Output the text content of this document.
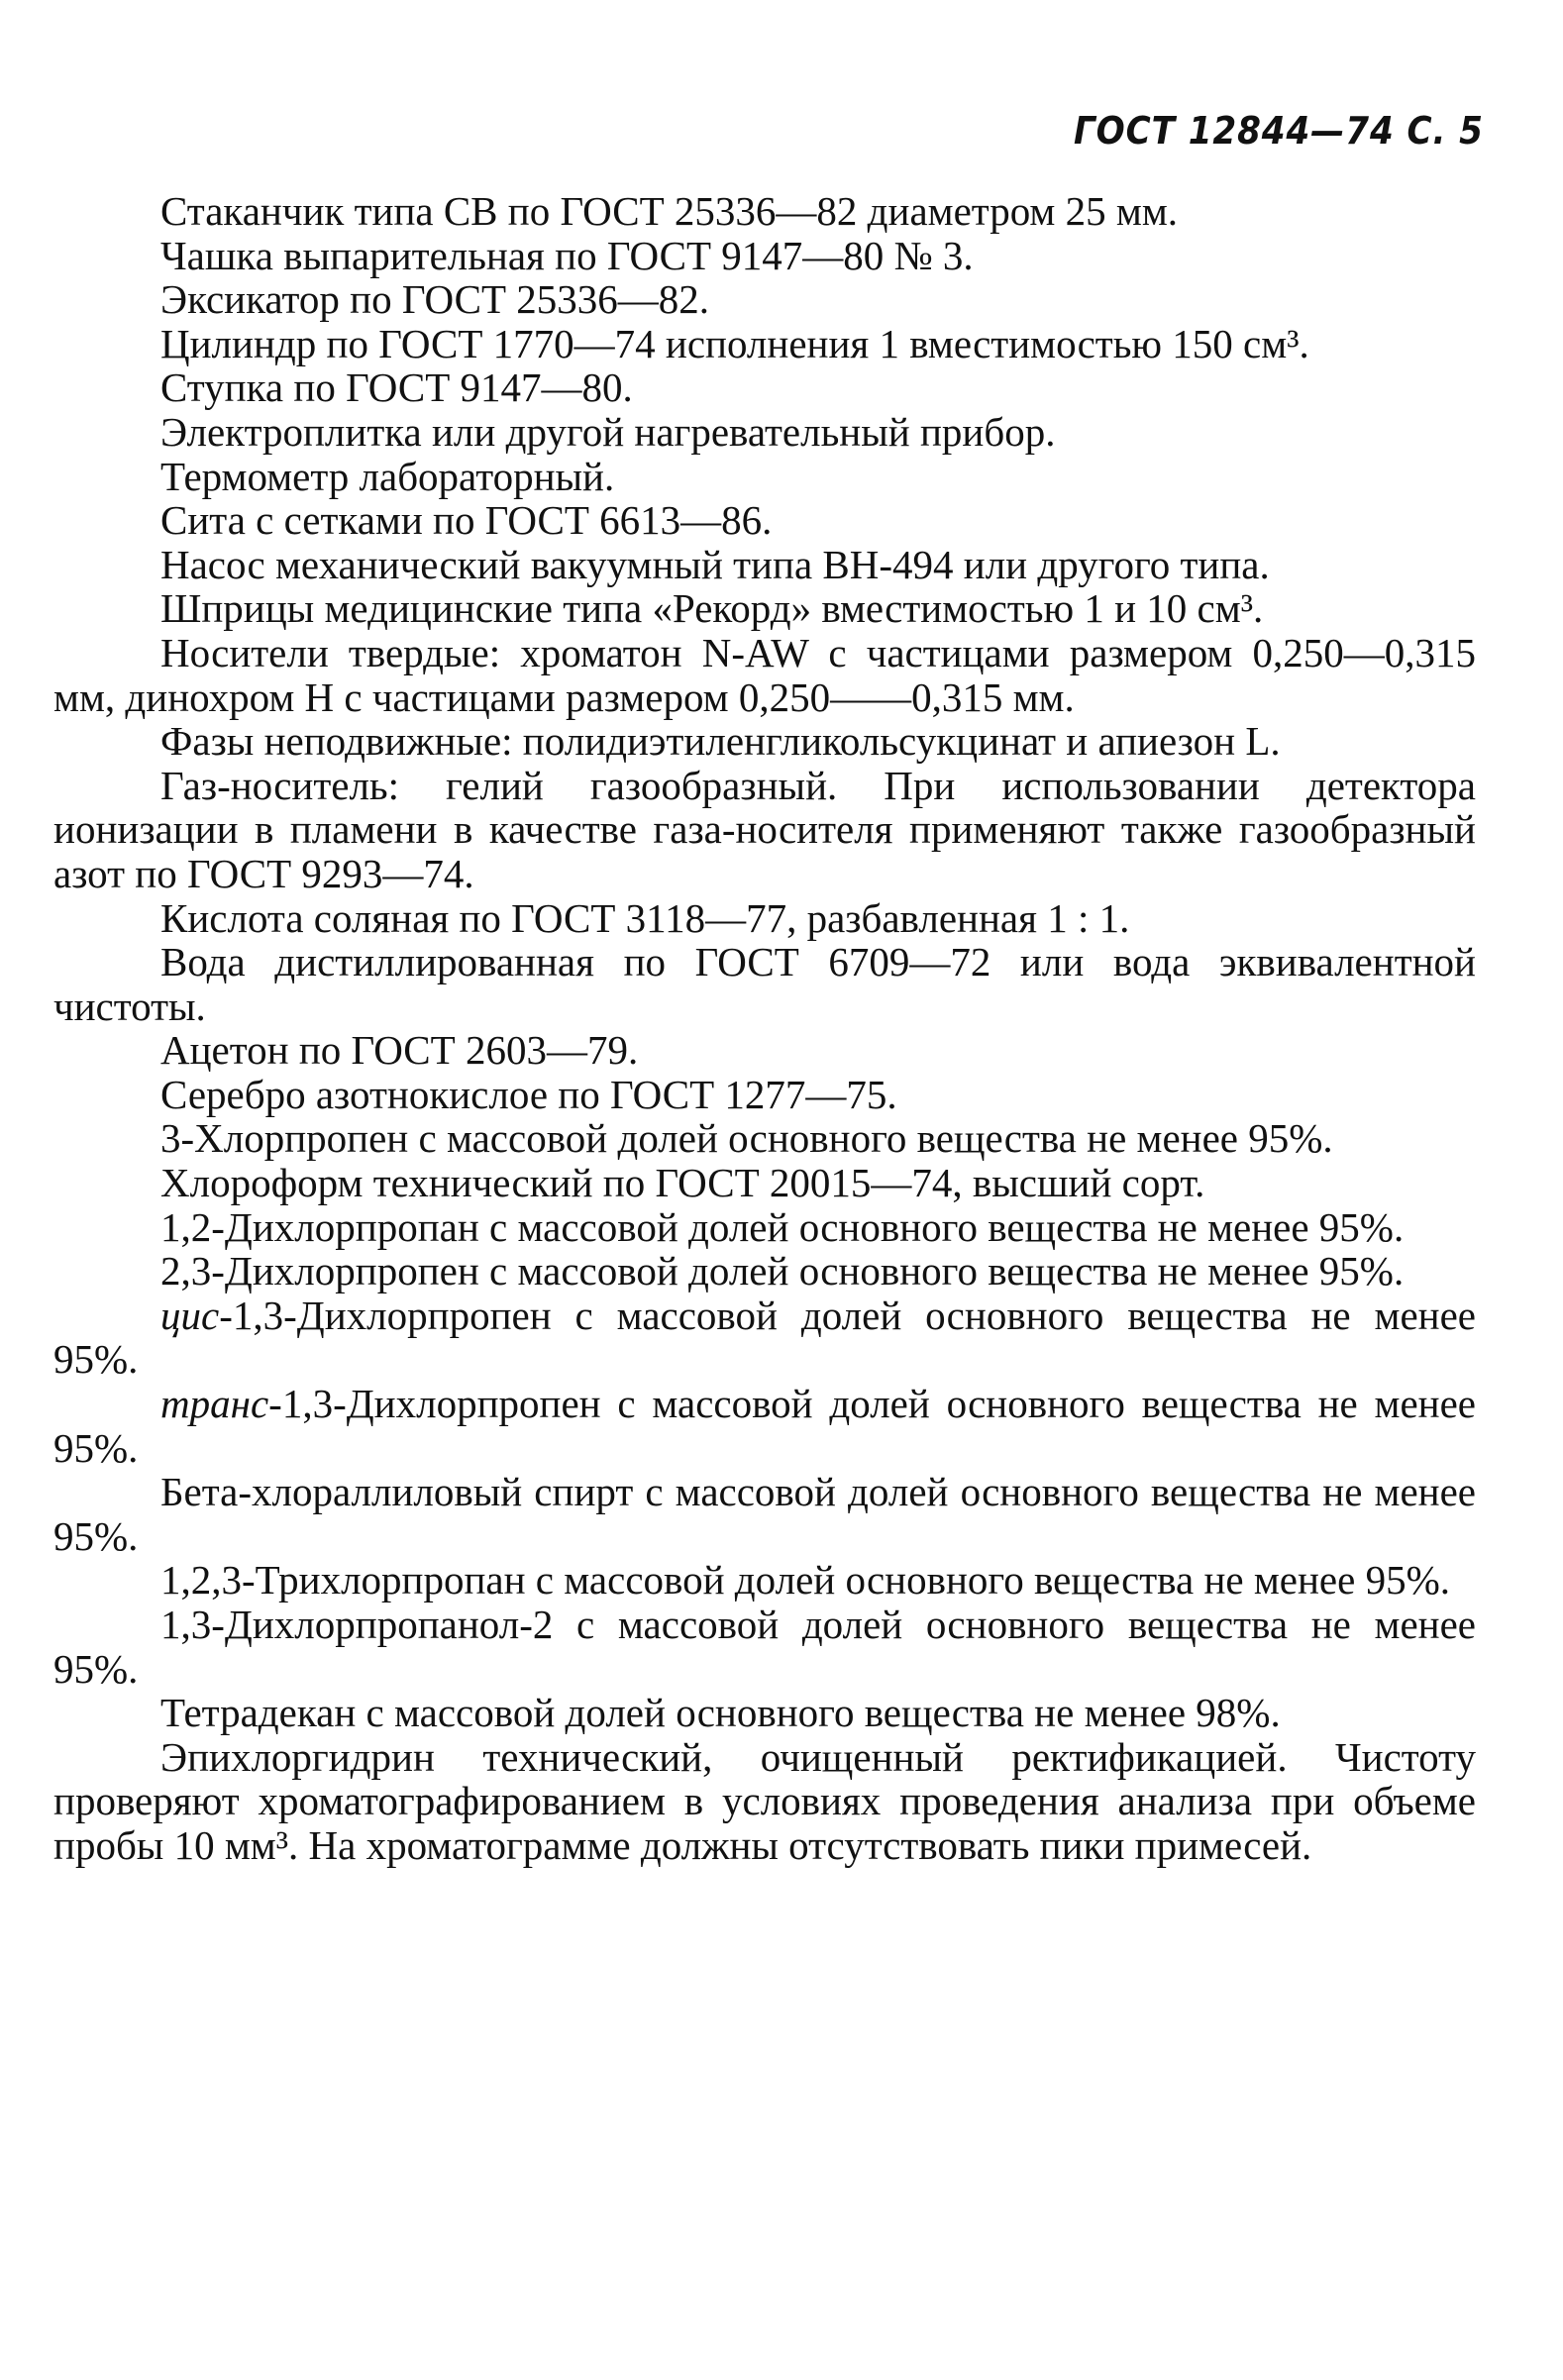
ГОСТ 12844—74 С. 5

Стаканчик типа СВ по ГОСТ 25336—82 диаметром 25 мм.

Чашка выпарительная по ГОСТ 9147—80 № 3.

Эксикатор по ГОСТ 25336—82.

Цилиндр по ГОСТ 1770—74 исполнения 1 вместимостью 150 см³.

Ступка по ГОСТ 9147—80.

Электроплитка или другой нагревательный прибор.

Термометр лабораторный.

Сита с сетками по ГОСТ 6613—86.

Насос механический вакуумный типа ВН-494 или другого типа.

Шприцы медицинские типа «Рекорд» вместимостью 1 и 10 см³.

Носители твердые: хроматон N-AW с частицами размером 0,250—0,315 мм, динохром Н с частицами размером 0,250——0,315 мм.

Фазы неподвижные: полидиэтиленгликольсукцинат и апиезон L.

Газ-носитель: гелий газообразный. При использовании детектора ионизации в пламени в качестве газа-носителя применяют также газообразный азот по ГОСТ 9293—74.

Кислота соляная по ГОСТ 3118—77, разбавленная 1 : 1.

Вода дистиллированная по ГОСТ 6709—72 или вода эквивалентной чистоты.

Ацетон по ГОСТ 2603—79.

Серебро азотнокислое по ГОСТ 1277—75.

3-Хлорпропен с массовой долей основного вещества не менее 95%.

Хлороформ технический по ГОСТ 20015—74, высший сорт.

1,2-Дихлорпропан с массовой долей основного вещества не менее 95%.

2,3-Дихлорпропен с массовой долей основного вещества не менее 95%.

цис-1,3-Дихлорпропен с массовой долей основного вещества не менее 95%.

транс-1,3-Дихлорпропен с массовой долей основного вещества не менее 95%.

Бета-хлораллиловый спирт с массовой долей основного вещества не менее 95%.

1,2,3-Трихлорпропан с массовой долей основного вещества не менее 95%.

1,3-Дихлорпропанол-2 с массовой долей основного вещества не менее 95%.

Тетрадекан с массовой долей основного вещества не менее 98%.

Эпихлоргидрин технический, очищенный ректификацией. Чистоту проверяют хроматографированием в условиях проведения анализа при объеме пробы 10 мм³. На хроматограмме должны отсутствовать пики примесей.
